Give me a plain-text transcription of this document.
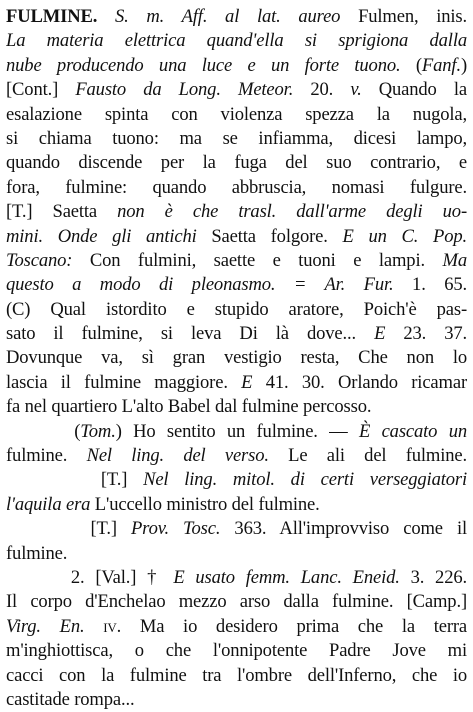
FULMINE. S. m. Aff. al lat. aureo Fulmen, inis.
La materia elettrica quand'ella si sprigiona dalla
nube producendo una luce e un forte tuono. (Fanf.)
[Cont.] Fausto da Long. Meteor. 20. v. Quando la
esalazione spinta con violenza spezza la nugola,
si chiama tuono: ma se infiamma, dicesi lampo,
quando discende per la fuga del suo contrario, e
fora, fulmine: quando abbruscia, nomasi fulgure.
[T.] Saetta non è che trasl. dall'arme degli uo-
mini. Onde gli antichi Saetta folgore. E un C. Pop.
Toscano: Con fulmini, saette e tuoni e lampi. Ma
questo a modo di pleonasmo. = Ar. Fur. 1. 65.
(C) Qual istordito e stupido aratore, Poich'è pas-
sato il fulmine, si leva Di là dove... E 23. 37.
Dovunque va, sì gran vestigio resta, Che non lo
lascia il fulmine maggiore. E 41. 30. Orlando ricamar
fa nel quartiero L'alto Babel dal fulmine percosso.
(Tom.) Ho sentito un fulmine. — È cascato un
fulmine. Nel ling. del verso. Le ali del fulmine.
[T.] Nel ling. mitol. di certi verseggiatori
l'aquila era L'uccello ministro del fulmine.
[T.] Prov. Tosc. 363. All'improvviso come il
fulmine.
2. [Val.] † E usato femm. Lanc. Eneid. 3. 226.
Il corpo d'Enchelao mezzo arso dalla fulmine. [Camp.]
Virg. En. iv. Ma io desidero prima che la terra
m'inghiottisca, o che l'onnipotente Padre Jove mi
cacci con la fulmine tra l'ombre dell'Inferno, che io
castitade rompa...
